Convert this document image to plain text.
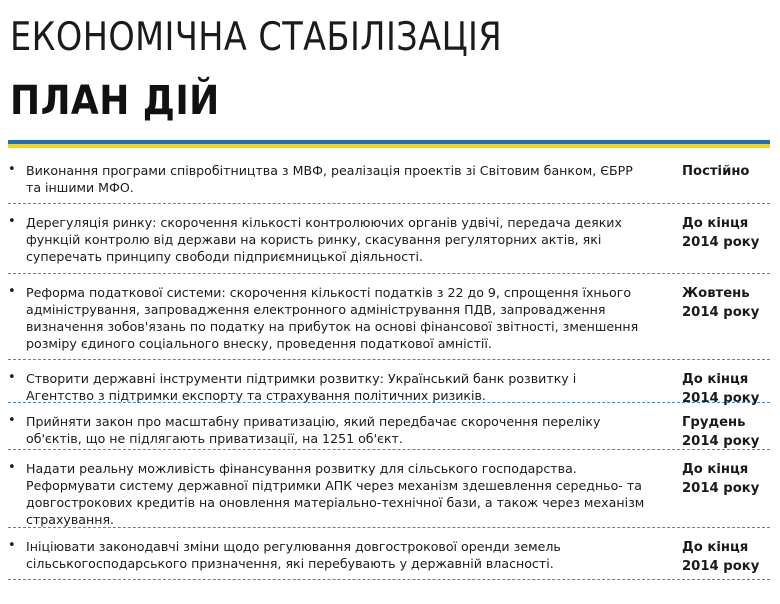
ЕКОНОМІЧНА СТАБІЛІЗАЦІЯ
ПЛАН ДІЙ
• Виконання програми співробітництва з МВФ, реалізація проектів зі Світовим банком, ЄБРР та іншими МФО.
Постійно
• Дерегуляція ринку: скорочення кількості контролюючих органів удвічі, передача деяких функцій контролю від держави на користь ринку, скасування регуляторних актів, які суперечать принципу свободи підприємницької діяльності.
До кінця
2014 року
• Реформа податкової системи: скорочення кількості податків з 22 до 9, спрощення їхнього адміністрування, запровадження електронного адміністрування ПДВ, запровадження визначення зобов'язань по податку на прибуток на основі фінансової звітності, зменшення розміру єдиного соціального внеску, проведення податкової амністії.
Жовтень
2014 року
• Створити державні інструменти підтримки розвитку: Український банк розвитку і Агентство з підтримки експорту та страхування політичних ризиків.
До кінця
2014 року
• Прийняти закон про масштабну приватизацію, який передбачає скорочення переліку об'єктів, що не підлягають приватизації, на 1251 об'єкт.
Грудень
2014 року
• Надати реальну можливість фінансування розвитку для сільського господарства. Реформувати систему державної підтримки АПК через механізм здешевлення середньо- та довгострокових кредитів на оновлення матеріально-технічної бази, а також через механізм страхування.
До кінця
2014 року
• Ініціювати законодавчі зміни щодо регулювання довгострокової оренди земель сільськогосподарського призначення, які перебувають у державній власності.
До кінця
2014 року
